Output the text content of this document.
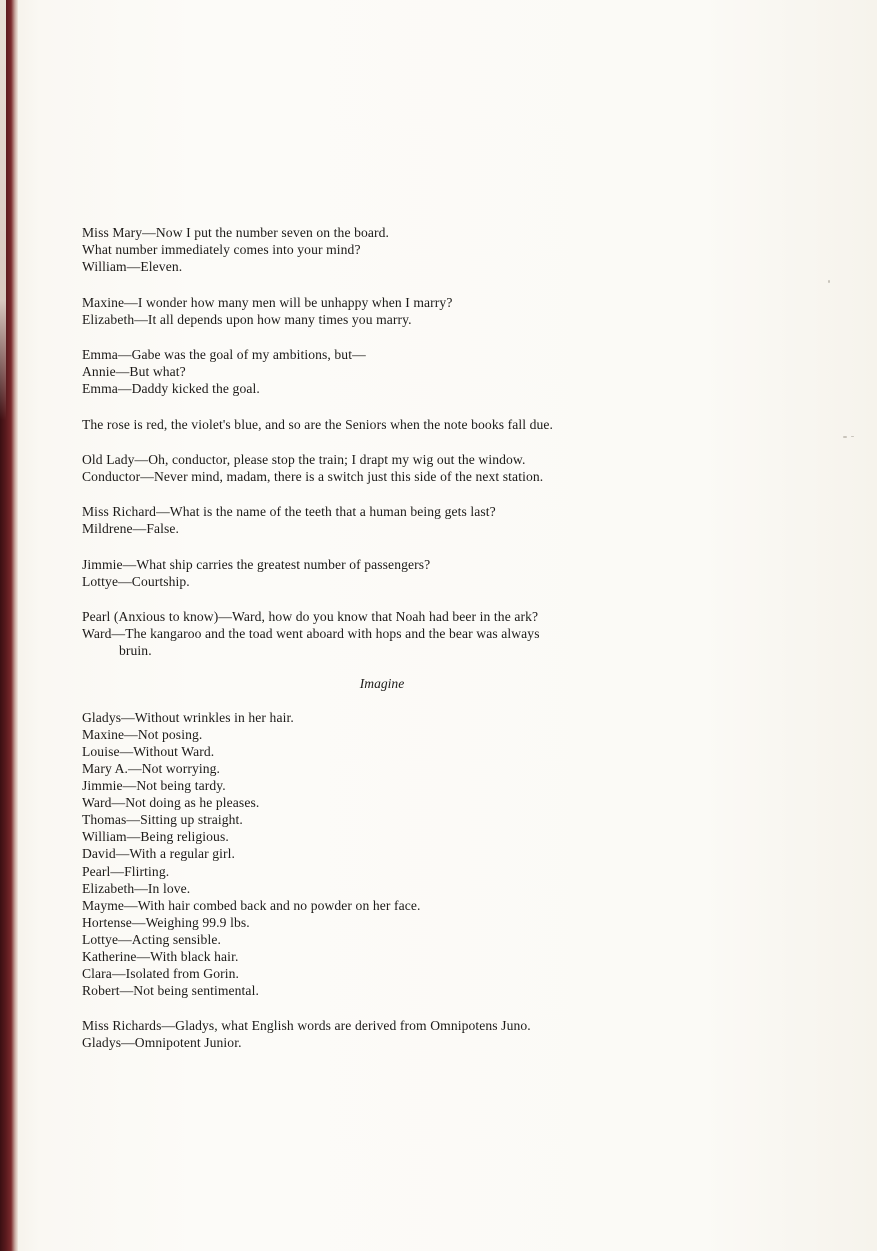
Miss Mary—Now I put the number seven on the board.
What number immediately comes into your mind?
William—Eleven.
Maxine—I wonder how many men will be unhappy when I marry?
Elizabeth—It all depends upon how many times you marry.
Emma—Gabe was the goal of my ambitions, but—
Annie—But what?
Emma—Daddy kicked the goal.
The rose is red, the violet's blue, and so are the Seniors when the note books fall due.
Old Lady—Oh, conductor, please stop the train; I drapt my wig out the window.
Conductor—Never mind, madam, there is a switch just this side of the next station.
Miss Richard—What is the name of the teeth that a human being gets last?
Mildrene—False.
Jimmie—What ship carries the greatest number of passengers?
Lottye—Courtship.
Pearl (Anxious to know)—Ward, how do you know that Noah had beer in the ark?
Ward—The kangaroo and the toad went aboard with hops and the bear was always
bruin.
Imagine
Gladys—Without wrinkles in her hair.
Maxine—Not posing.
Louise—Without Ward.
Mary A.—Not worrying.
Jimmie—Not being tardy.
Ward—Not doing as he pleases.
Thomas—Sitting up straight.
William—Being religious.
David—With a regular girl.
Pearl—Flirting.
Elizabeth—In love.
Mayme—With hair combed back and no powder on her face.
Hortense—Weighing 99.9 lbs.
Lottye—Acting sensible.
Katherine—With black hair.
Clara—Isolated from Gorin.
Robert—Not being sentimental.
Miss Richards—Gladys, what English words are derived from Omnipotens Juno.
Gladys—Omnipotent Junior.
